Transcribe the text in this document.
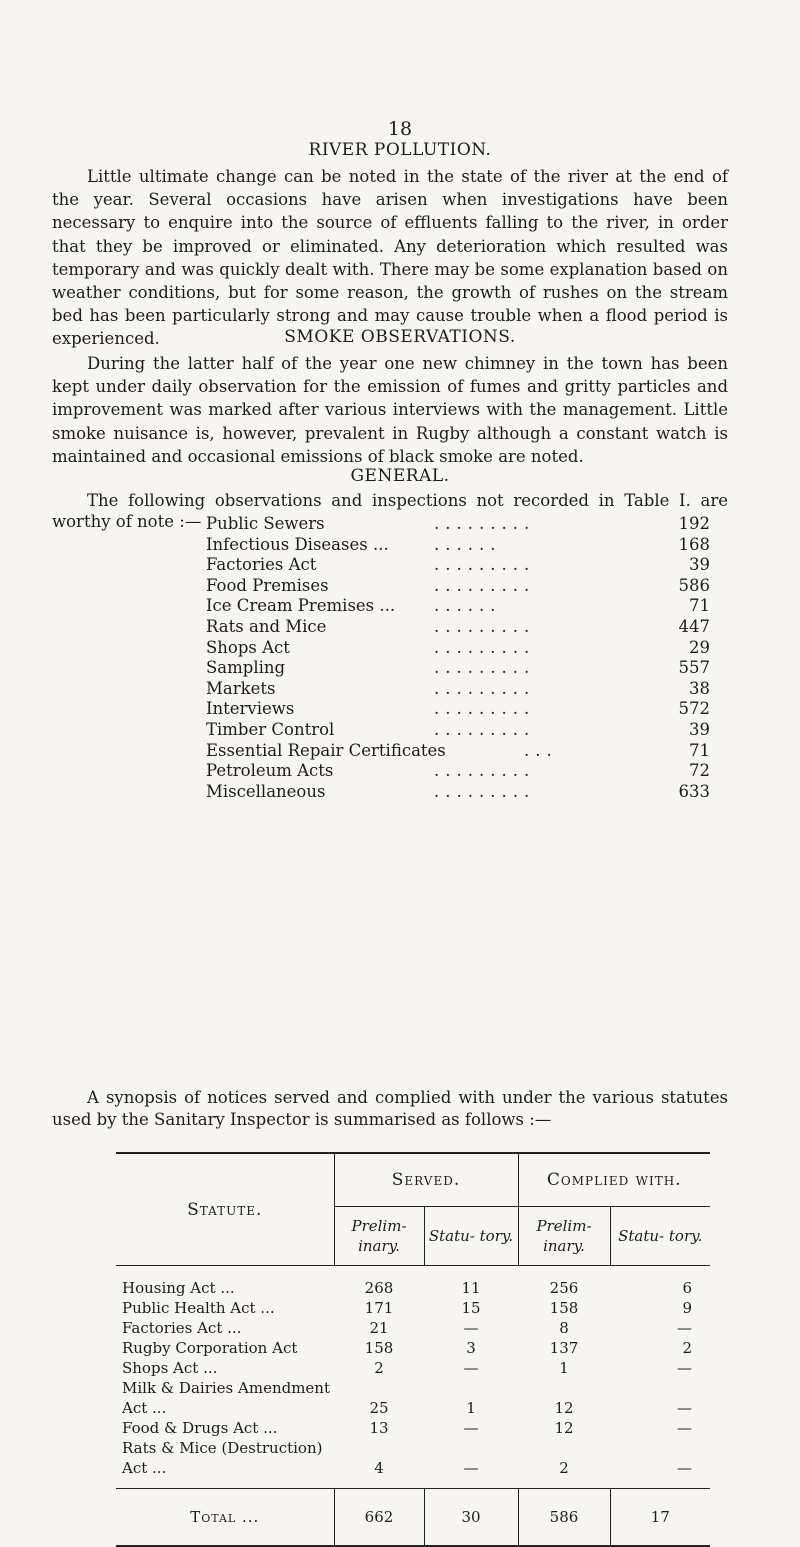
18
RIVER POLLUTION.

Little ultimate change can be noted in the state of the river at the end of the year. Several occasions have arisen when investigations have been necessary to enquire into the source of effluents falling to the river, in order that they be improved or eliminated. Any deterioration which resulted was temporary and was quickly dealt with. There may be some explanation based on weather conditions, but for some reason, the growth of rushes on the stream bed has been particularly strong and may cause trouble when a flood period is experienced.	SMOKE OBSERVATIONS.

During the latter half of the year one new chimney in the town has been kept under daily observation for the emission of fumes and gritty particles and improvement was marked after various interviews with the management. Little smoke nuisance is, however, prevalent in Rugby although a constant watch is maintained and occasional emissions of black smoke are noted.

GENERAL.

The following observations and inspections not recorded in Table I. are worthy of note :— Public Sewers	.........	192
Infectious Diseases ...	......	168
Factories Act	.........	39
Food Premises	.........	586
Ice Cream Premises ... ......	71
Rats and Mice	.........	447
Shops Act	.........	29
Sampling	.........	557
Markets	.........	38
Interviews	.........	572
Timber Control	.........	39
Essential Repair Certificates	...	71
Petroleum Acts	.........	72
Miscellaneous	.........	633

A synopsis of notices served and complied with under the various statutes used by the Sanitary Inspector is summarised as follows :—

Statute.	Served.		Complied with.	
	Prelim- inary.	Statu- tory.	Prelim- inary.	Statu- tory.
Housing Act ...	268	11	256	6
Public Health Act ...	171	15	158	9
Factories Act ...	21	—	8	—
Rugby Corporation Act	158	3	137	2
Shops Act ...	2	—	1	—
Milk & Dairies Amendment Act ...	25	1	12	—
Food & Drugs Act ...	13	—	12	—
Rats & Mice (Destruction) Act ...	4	—	2	—
Total ...	662	30	586	17
